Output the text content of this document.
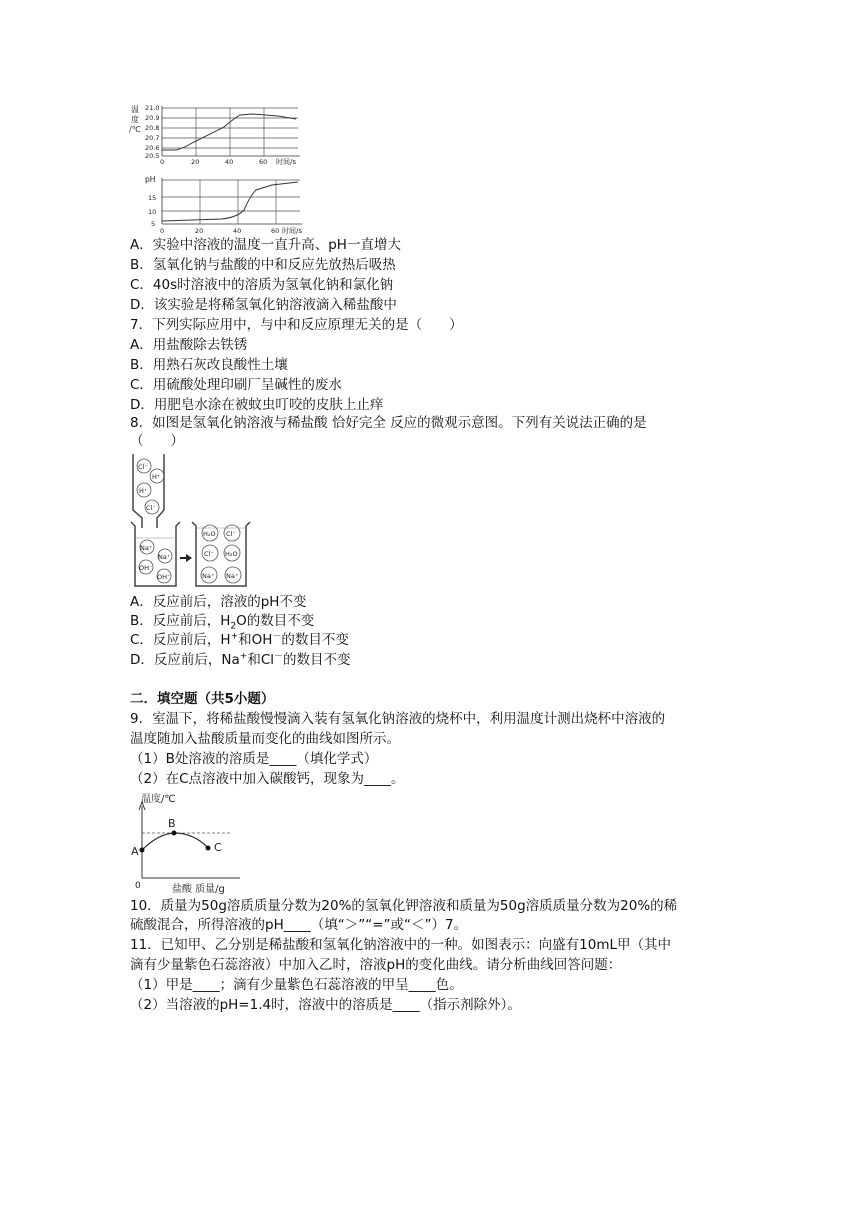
温
度
/℃
21.0
20.9
20.8
20.7
20.6
20.5
0	20	40	60 时间/s
pH
15
10
5
0	20	40	60 时间/s
A．实验中溶液的温度一直升高、pH一直增大
B．氢氧化钠与盐酸的中和反应先放热后吸热
C．40s时溶液中的溶质为氢氧化钠和氯化钠
D．该实验是将稀氢氧化钠溶液滴入稀盐酸中
7．下列实际应用中，与中和反应原理无关的是（　　）
A．用盐酸除去铁锈
B．用熟石灰改良酸性土壤
C．用硫酸处理印刷厂呈碱性的废水
D．用肥皂水涂在被蚊虫叮咬的皮肤上止痒
8．如图是氢氧化钠溶液与稀盐酸 恰好完全 反应的微观示意图。下列有关说法正确的是
（　　）
Cl⁻
H⁺
H⁺
Cl⁻
Na⁺
Na⁺
OH⁻
OH⁻
H₂O Cl⁻
Cl⁻ H₂O
Na⁺ Na⁺
A．反应前后，溶液的pH不变
B．反应前后，$H_2O$的数目不变
C．反应前后，H+和OH－的数目不变
D．反应前后，Na+和Cl－的数目不变
二．填空题（共5小题）
9．室温下，将稀盐酸慢慢滴入装有氢氧化钠溶液的烧杯中，利用温度计测出烧杯中溶液的
温度随加入盐酸质量而变化的曲线如图所示。
（1）B处溶液的溶质是____（填化学式）
（2）在C点溶液中加入碳酸钙，现象为____。
温度/℃
A
B
C
0	盐酸 质量/g
10．质量为50g溶质质量分数为20%的氢氧化钾溶液和质量为50g溶质质量分数为20%的稀
硫酸混合，所得溶液的pH____（填“＞”“=”或“＜”）7。
11．已知甲、乙分别是稀盐酸和氢氧化钠溶液中的一种。如图表示：向盛有10mL甲（其中
滴有少量紫色石蕊溶液）中加入乙时，溶液pH的变化曲线。请分析曲线回答问题：
（1）甲是____；滴有少量紫色石蕊溶液的甲呈____色。
（2）当溶液的pH=1.4时，溶液中的溶质是____（指示剂除外）。
